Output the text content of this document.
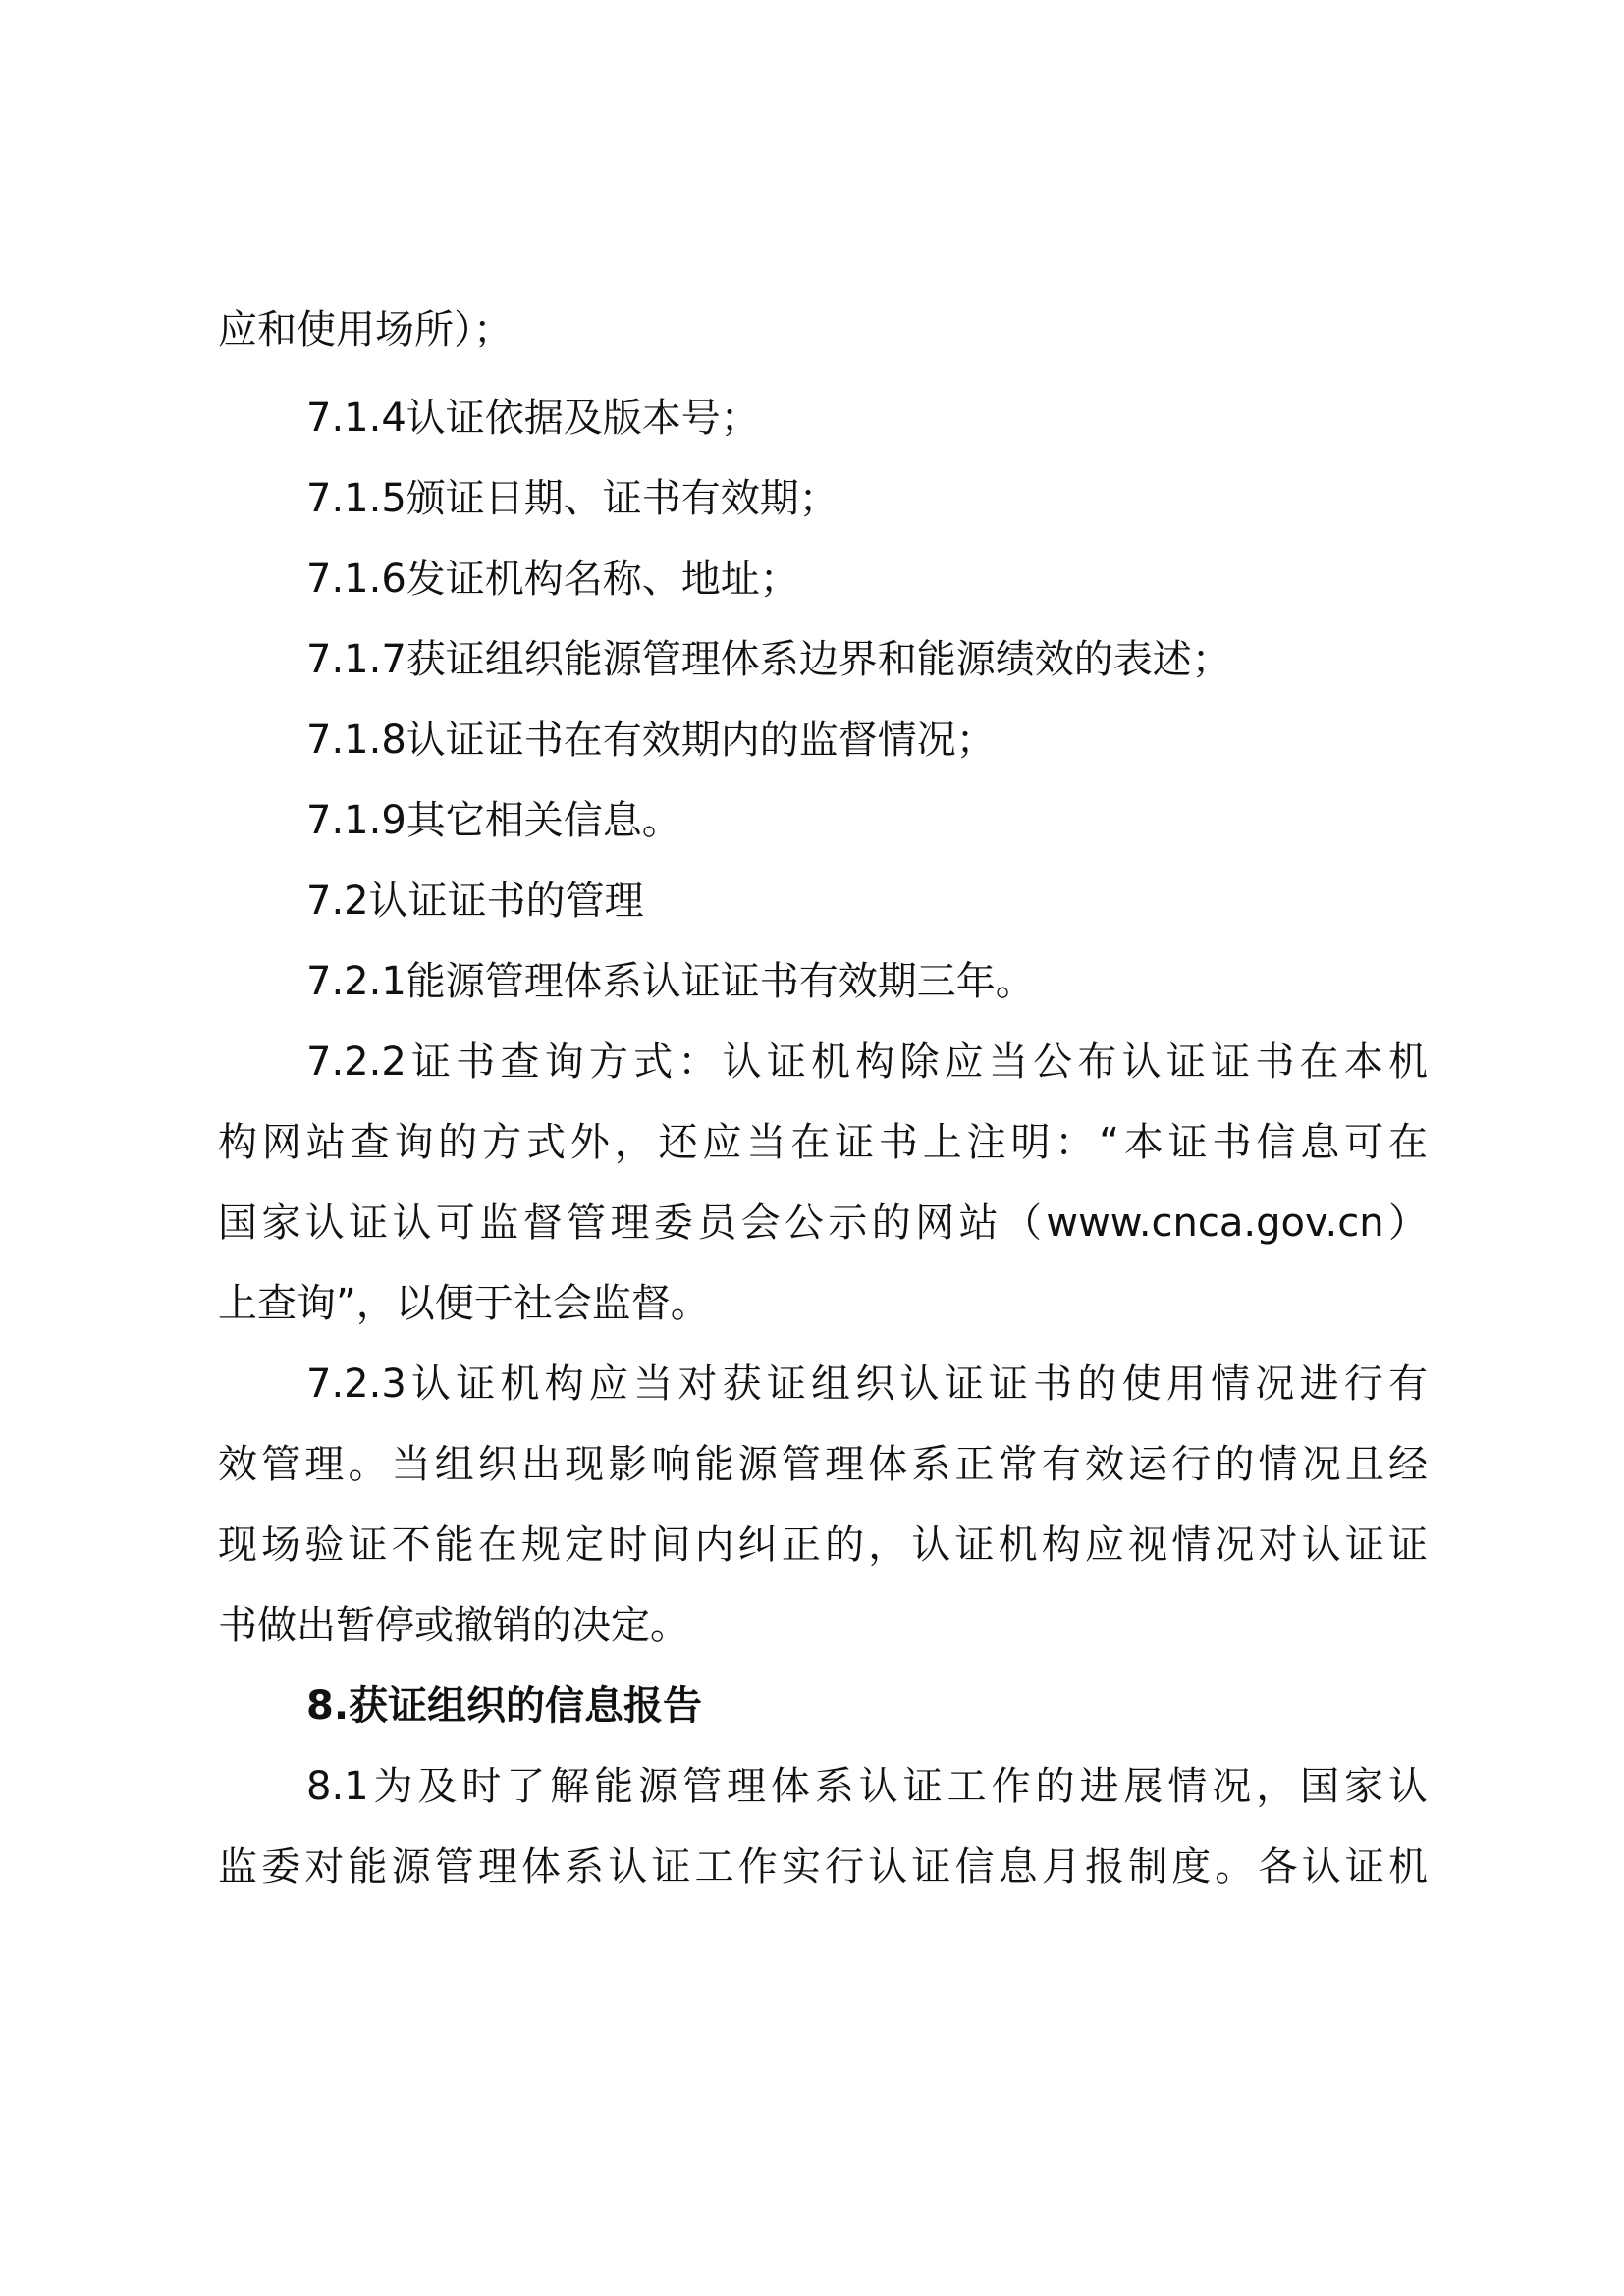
应和使用场所）；
7.1.4认证依据及版本号；
7.1.5颁证日期、证书有效期；
7.1.6发证机构名称、地址；
7.1.7获证组织能源管理体系边界和能源绩效的表述；
7.1.8认证证书在有效期内的监督情况；
7.1.9其它相关信息。
7.2认证证书的管理
7.2.1能源管理体系认证证书有效期三年。
7.2.2证书查询方式：认证机构除应当公布认证证书在本机
构网站查询的方式外，还应当在证书上注明：“本证书信息可在
国家认证认可监督管理委员会公示的网站（www.cnca.gov.cn）
上查询”，以便于社会监督。
7.2.3认证机构应当对获证组织认证证书的使用情况进行有
效管理。当组织出现影响能源管理体系正常有效运行的情况且经
现场验证不能在规定时间内纠正的，认证机构应视情况对认证证
书做出暂停或撤销的决定。
8.获证组织的信息报告
8.1为及时了解能源管理体系认证工作的进展情况，国家认
监委对能源管理体系认证工作实行认证信息月报制度。各认证机
